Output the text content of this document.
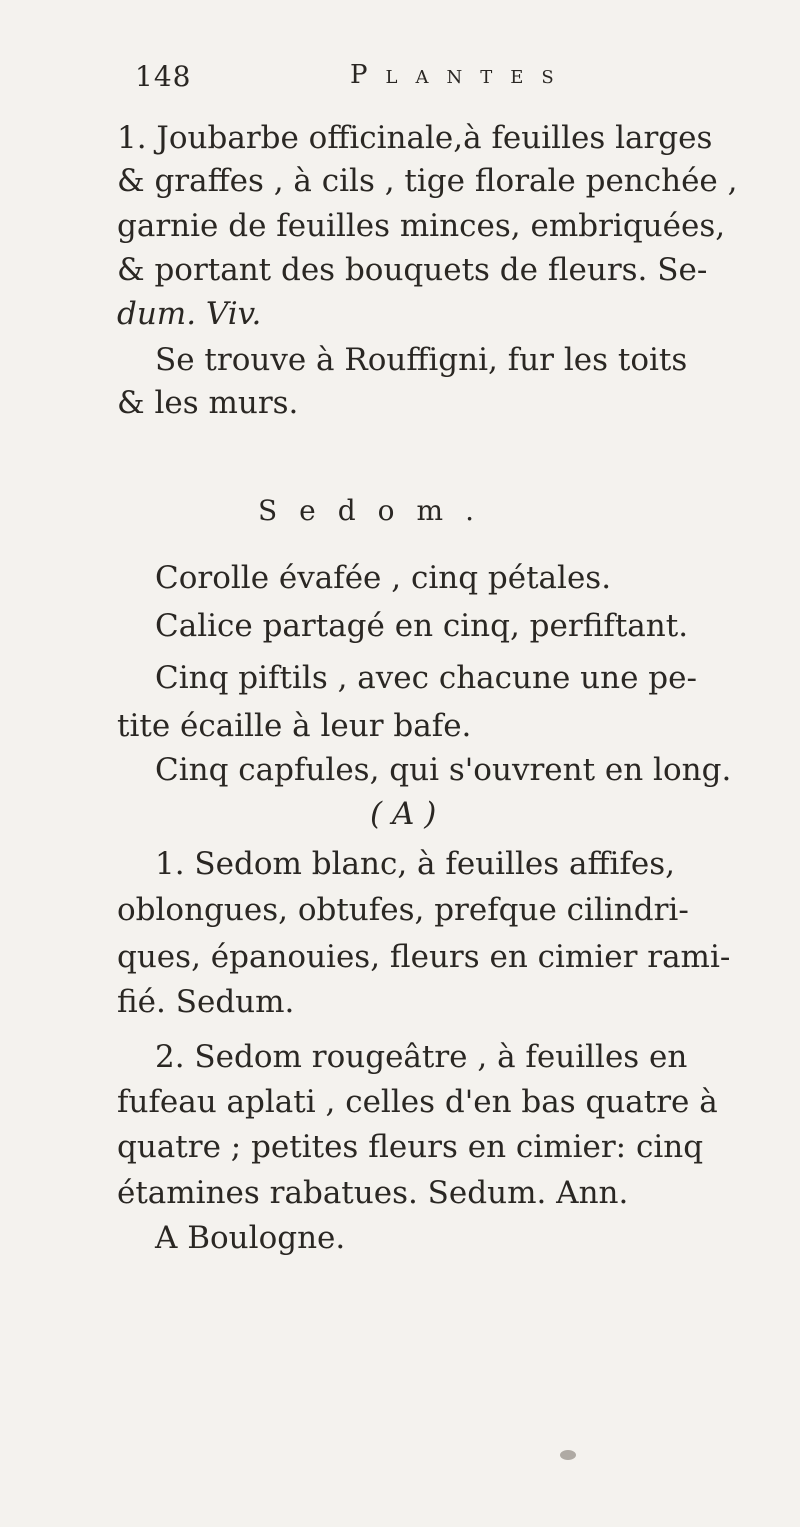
148	Plantes
1. Joubarbe officinale,à feuilles larges
& graffes , à cils , tige florale penchée ,
garnie de feuilles minces, embriquées,
& portant des bouquets de fleurs. Se-
dum. Viv.
Se trouve à Rouffigni, fur les toits
& les murs.
Sedom.
Corolle évafée , cinq pétales.
Calice partagé en cinq, perfiftant.
Cinq piftils , avec chacune une pe-
tite écaille à leur bafe.
Cinq capfules, qui s'ouvrent en long.
( A )
1. Sedom blanc, à feuilles affifes,
oblongues, obtufes, prefque cilindri-
ques, épanouies, fleurs en cimier rami-
fié. Sedum.
2. Sedom rougeâtre , à feuilles en
fufeau aplati , celles d'en bas quatre à
quatre ; petites fleurs en cimier: cinq
étamines rabatues. Sedum. Ann.
A Boulogne.
